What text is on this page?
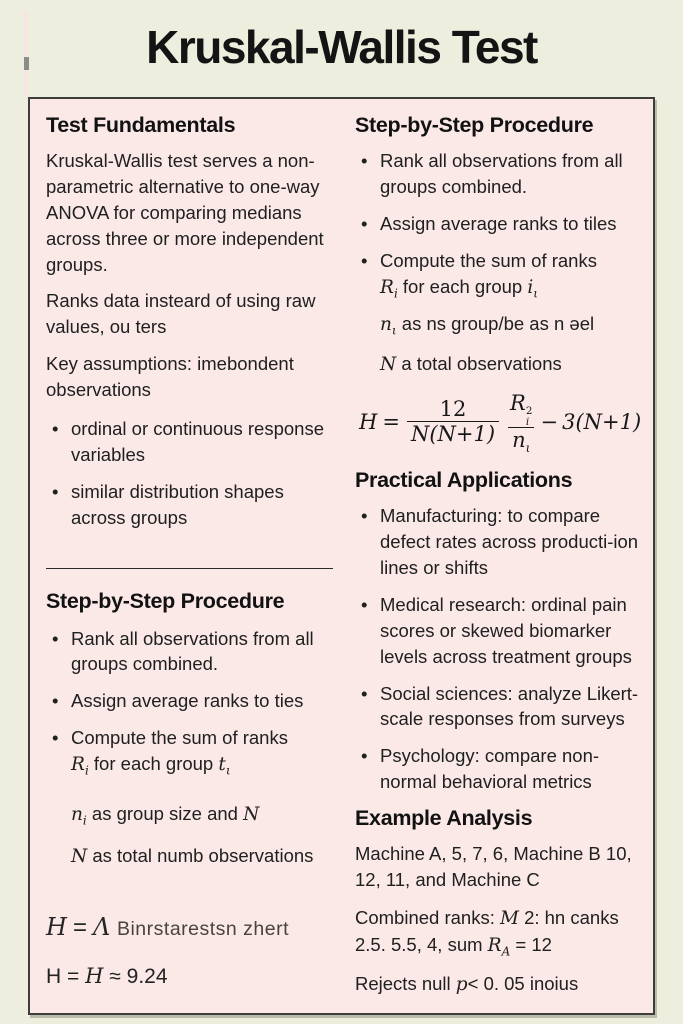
Kruskal-Wallis Test
Test Fundamentals

Kruskal-Wallis test serves a non-parametric alternative to one-way ANOVA for comparing medians across three or more independent groups.

Ranks data insteard of using raw values, ou ters

Key assumptions: imebondent observations

• ordinal or continuous response variables
• similar distribution shapes across groups
Step-by-Step Procedure
• Rank all observations from all groups combined.
• Assign average ranks to ties
• Compute the sum of ranks
$R_i$ for each group $t_\iota$
$n_i$ as group size and N
N as total numb observations
H = Λ Binrstarestsn zhert
H = H ≈ 9.24
Step-by-Step Procedure
• Rank all observations from all groups combined.
• Assign average ranks to tiles
• Compute the sum of ranks
$R_i$ for each group $i_\iota$
$n_\iota$ as ns group/be as n ǝel
N a total observations
$H = \frac{12}{N(N+1)}$ R 2
i
$n_\iota - 3(N+1)$
Practical Applications
• Manufacturing: to compare defect rates across producti-ion lines or shifts
• Medical research: ordinal pain scores or skewed biomarker levels across treatment groups
• Social sciences: analyze Likert-scale responses from surveys
• Psychology: compare non-normal behavioral metrics
Example Analysis

Machine A, 5, 7, 6, Machine B 10, 12, 11, and Machine C

Combined ranks: M 2: hn canks
2.5. 5.5, 4, sum $R_A = 12$

Rejects null p< 0. 05 inoius
